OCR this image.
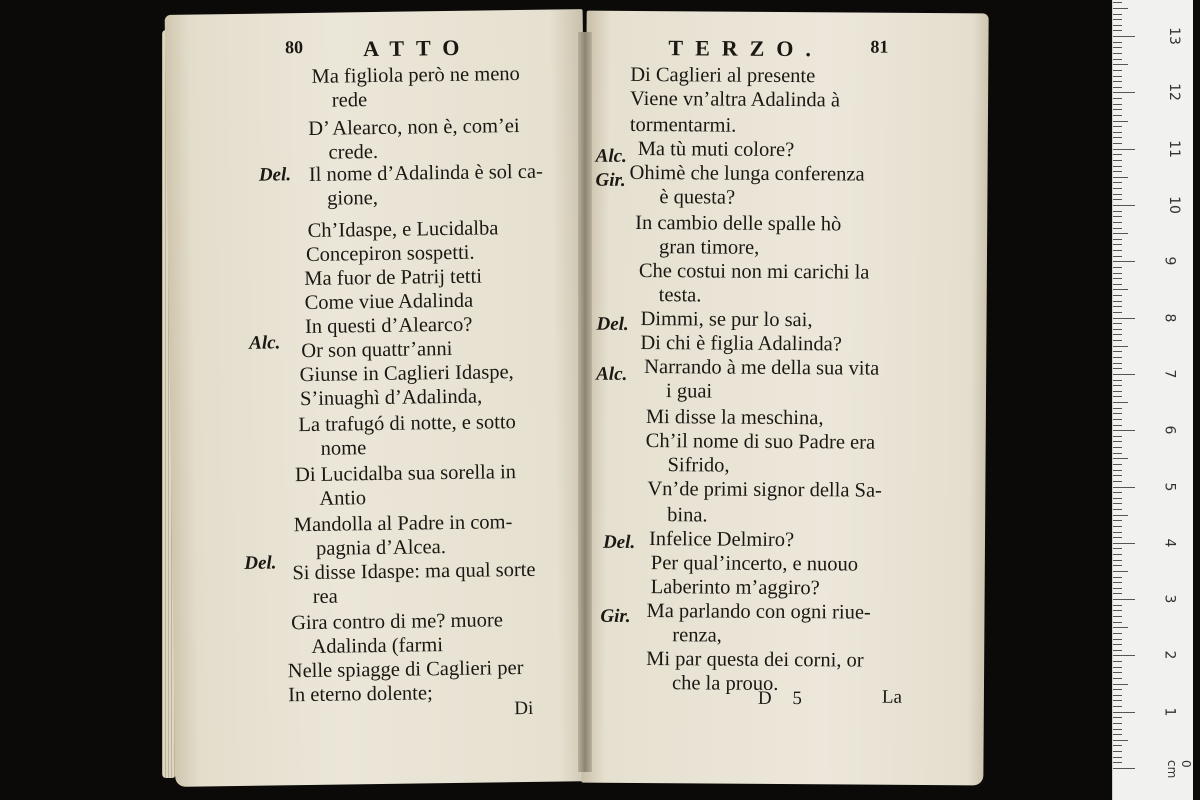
80	ATTO
Del.
Alc.
Del.
Ma figliola però ne meno
rede
D’ Alearco, non è, com’ei
crede.
Il nome d’Adalinda è sol ca-
gione,
Ch’Idaspe, e Lucidalba
Concepiron sospetti.
Ma fuor de Patrij tetti
Come viue Adalinda
In questi d’Alearco?
Or son quattr’anni
Giunse in Caglieri Idaspe,
S’inuaghì d’Adalinda,
La trafugó di notte, e sotto
nome
Di Lucidalba sua sorella in
Antio
Mandolla al Padre in com-
pagnia d’Alcea.
Si disse Idaspe: ma qual sorte
rea
Gira contro di me? muore
Adalinda (farmi
Nelle spiagge di Caglieri per
In eterno dolente;
Di
TERZO.	81
Alc.
Gir.
Del.
Alc.
Del.
Gir.
Di Caglieri al presente
Viene vn’altra Adalinda à
tormentarmi.
Ma tù muti colore?
Ohimè che lunga conferenza
è questa?
In cambio delle spalle hò
gran timore,
Che costui non mi carichi la
testa.
Dimmi, se pur lo sai,
Di chi è figlia Adalinda?
Narrando à me della sua vita
i guai
Mi disse la meschina,
Ch’il nome di suo Padre era
Sifrido,
Vn’de primi signor della Sa-
bina.
Infelice Delmiro?
Per qual’incerto, e nuouo
Laberinto m’aggiro?
Ma parlando con ogni riue-
renza,
Mi par questa dei corni, or
che la prouo.
D 5	La
0 cm
13
12
11
10
9
8
7
6
5
4
3
2
1
